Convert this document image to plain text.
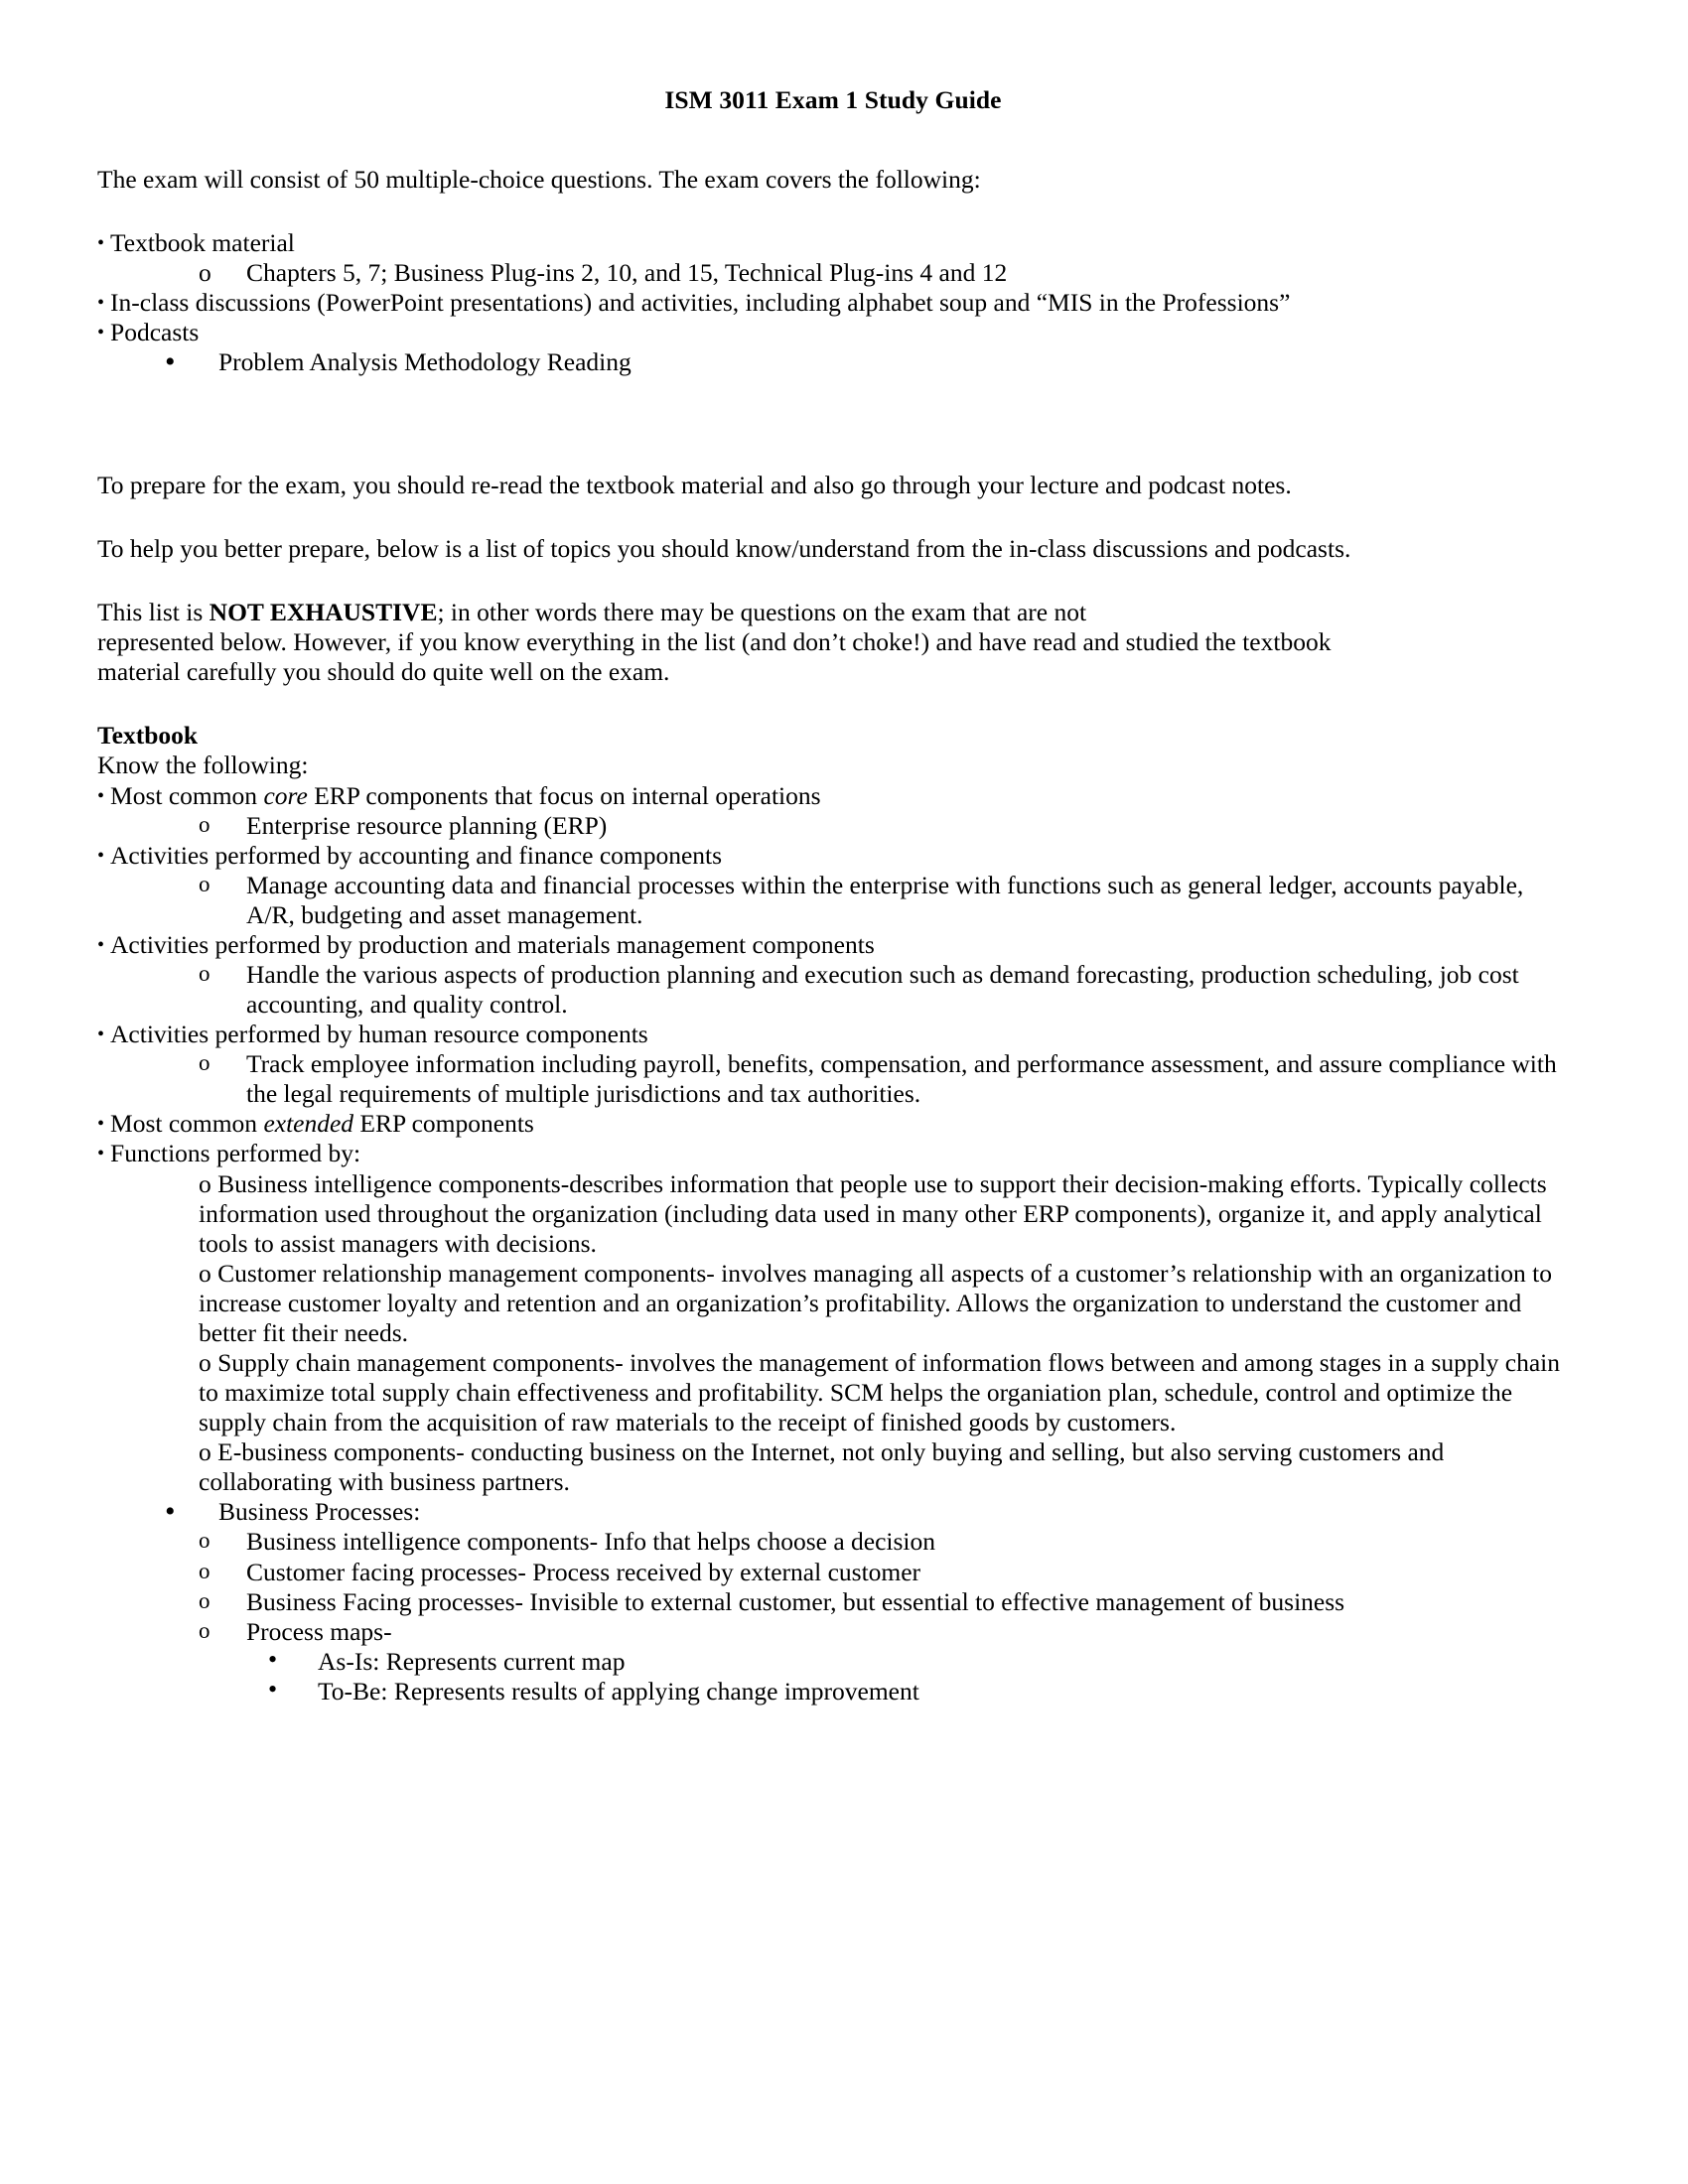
ISM 3011 Exam 1 Study Guide

The exam will consist of 50 multiple-choice questions. The exam covers the following:

• Textbook material

o Chapters 5, 7; Business Plug-ins 2, 10, and 15, Technical Plug-ins 4 and 12

• In-class discussions (PowerPoint presentations) and activities, including alphabet soup and “MIS in the Professions”

• Podcasts

• Problem Analysis Methodology Reading

To prepare for the exam, you should re-read the textbook material and also go through your lecture and podcast notes.

To help you better prepare, below is a list of topics you should know/understand from the in-class discussions and podcasts.

This list is NOT EXHAUSTIVE; in other words there may be questions on the exam that are not

represented below. However, if you know everything in the list (and don’t choke!) and have read and studied the textbook

material carefully you should do quite well on the exam.

Textbook

Know the following:

• Most common core ERP components that focus on internal operations

o Enterprise resource planning (ERP)

• Activities performed by accounting and finance components

o Manage accounting data and financial processes within the enterprise with functions such as general ledger, accounts payable, A/R, budgeting and asset management.

• Activities performed by production and materials management components

o Handle the various aspects of production planning and execution such as demand forecasting, production scheduling, job cost accounting, and quality control.

• Activities performed by human resource components

o Track employee information including payroll, benefits, compensation, and performance assessment, and assure compliance with the legal requirements of multiple jurisdictions and tax authorities.

• Most common extended ERP components

• Functions performed by:

o Business intelligence components-describes information that people use to support their decision-making efforts. Typically collects information used throughout the organization (including data used in many other ERP components), organize it, and apply analytical tools to assist managers with decisions.

o Customer relationship management components- involves managing all aspects of a customer’s relationship with an organization to increase customer loyalty and retention and an organization’s profitability. Allows the organization to understand the customer and better fit their needs.

o Supply chain management components- involves the management of information flows between and among stages in a supply chain to maximize total supply chain effectiveness and profitability. SCM helps the organiation plan, schedule, control and optimize the supply chain from the acquisition of raw materials to the receipt of finished goods by customers.

o E-business components- conducting business on the Internet, not only buying and selling, but also serving customers and collaborating with business partners.

• Business Processes:

o Business intelligence components- Info that helps choose a decision

o Customer facing processes- Process received by external customer

o Business Facing processes- Invisible to external customer, but essential to effective management of business

o Process maps-

• As-Is: Represents current map

• To-Be: Represents results of applying change improvement
